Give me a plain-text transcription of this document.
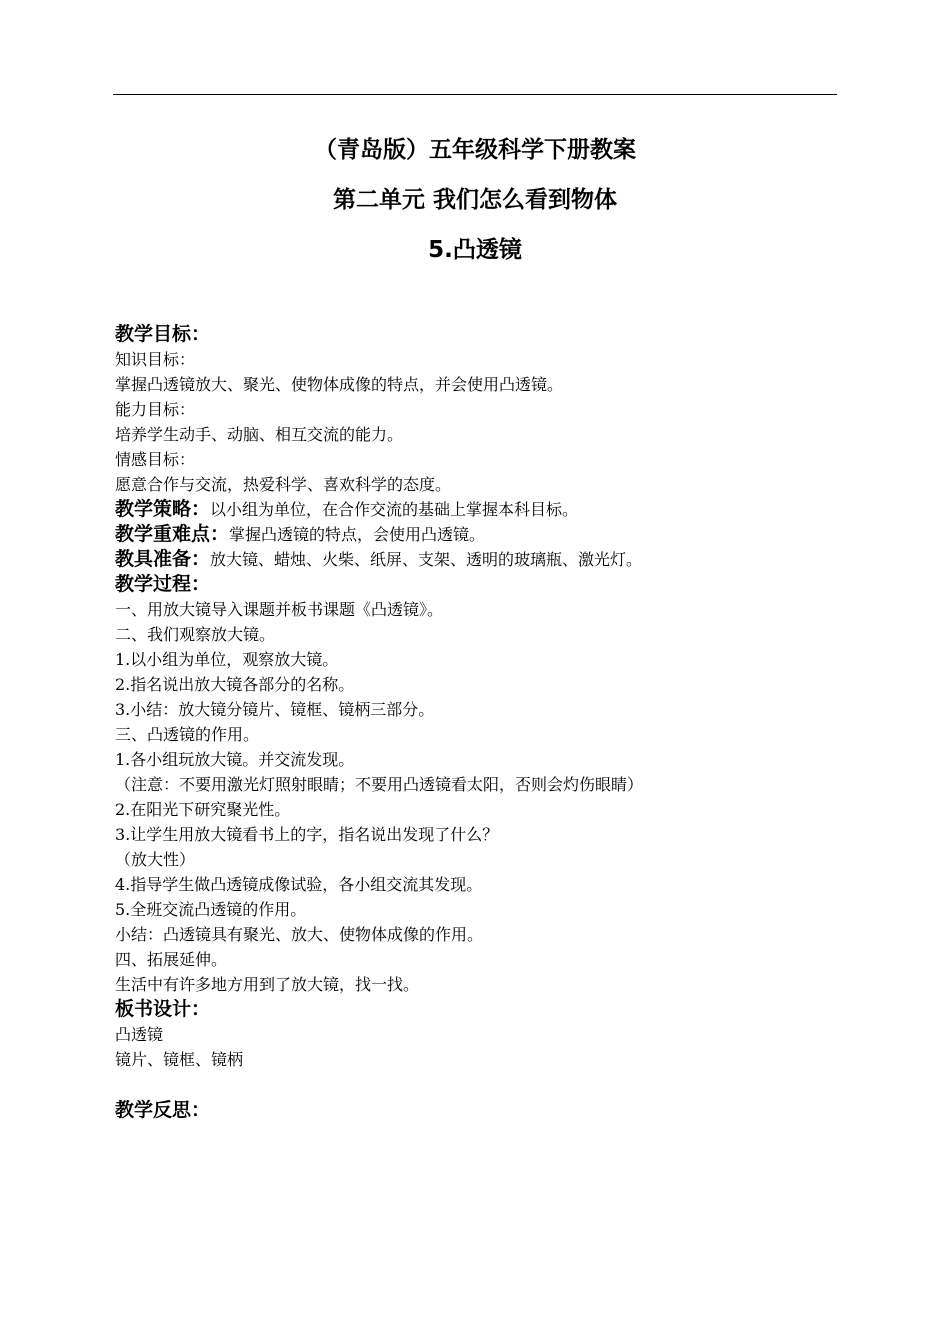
（青岛版）五年级科学下册教案
第二单元 我们怎么看到物体
5.凸透镜
教学目标：
知识目标：
掌握凸透镜放大、聚光、使物体成像的特点，并会使用凸透镜。
能力目标：
培养学生动手、动脑、相互交流的能力。
情感目标：
愿意合作与交流，热爱科学、喜欢科学的态度。
教学策略：以小组为单位，在合作交流的基础上掌握本科目标。
教学重难点：掌握凸透镜的特点，会使用凸透镜。
教具准备：放大镜、蜡烛、火柴、纸屏、支架、透明的玻璃瓶、激光灯。
教学过程：
一、用放大镜导入课题并板书课题《凸透镜》。
二、我们观察放大镜。
1.以小组为单位，观察放大镜。
2.指名说出放大镜各部分的名称。
3.小结：放大镜分镜片、镜框、镜柄三部分。
三、凸透镜的作用。
1.各小组玩放大镜。并交流发现。
（注意：不要用激光灯照射眼睛；不要用凸透镜看太阳，否则会灼伤眼睛）
2.在阳光下研究聚光性。
3.让学生用放大镜看书上的字，指名说出发现了什么？
（放大性）
4.指导学生做凸透镜成像试验，各小组交流其发现。
5.全班交流凸透镜的作用。
小结：凸透镜具有聚光、放大、使物体成像的作用。
四、拓展延伸。
生活中有许多地方用到了放大镜，找一找。
板书设计：
凸透镜
镜片、镜框、镜柄
教学反思：
